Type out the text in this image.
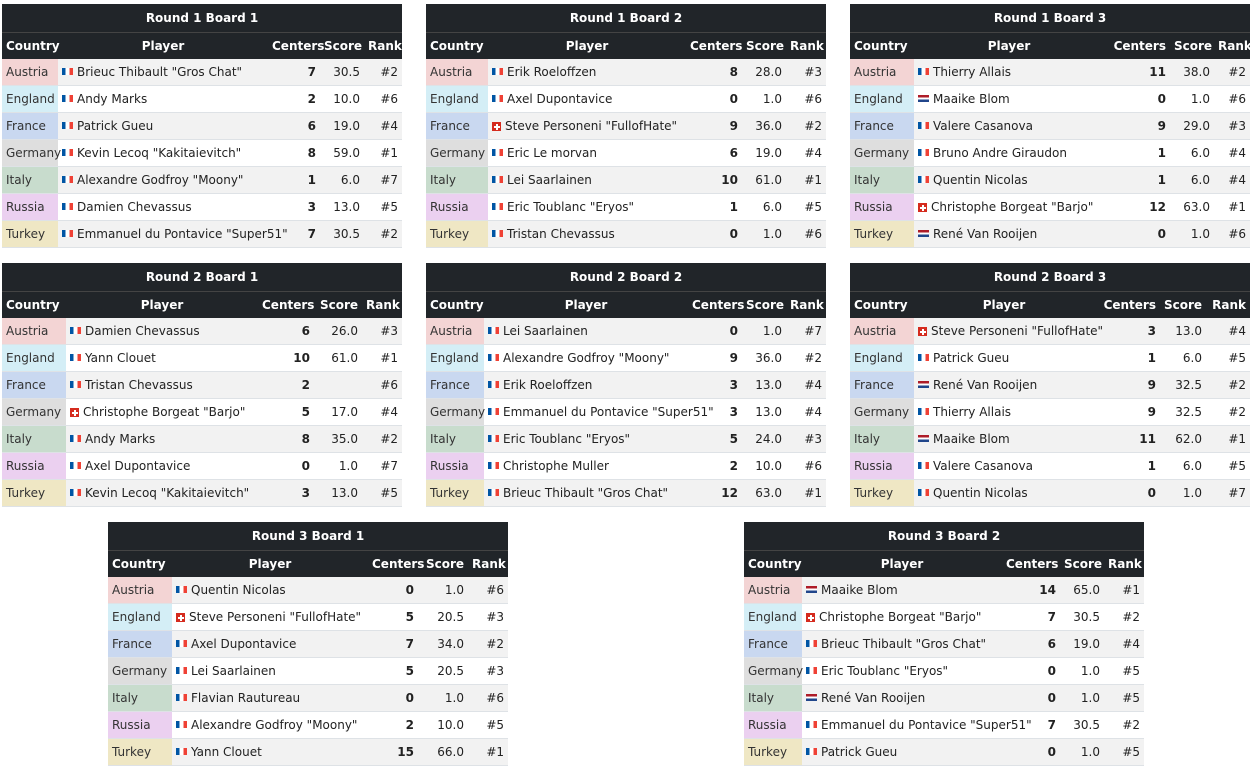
Round 1 Board 1				
Country	Player	Centers	Score	Rank
Austria	Brieuc Thibault "Gros Chat"	7	30.5	#2
England	Andy Marks	2	10.0	#6
France	Patrick Gueu	6	19.0	#4
Germany	Kevin Lecoq "Kakitaievitch"	8	59.0	#1
Italy	Alexandre Godfroy "Moony"	1	6.0	#7
Russia	Damien Chevassus	3	13.0	#5
Turkey	Emmanuel du Pontavice "Super51"	7	30.5	#2
Round 1 Board 2				
Country	Player	Centers	Score	Rank
Austria	Erik Roeloffzen	8	28.0	#3
England	Axel Dupontavice	0	1.0	#6
France	Steve Personeni "FullofHate"	9	36.0	#2
Germany	Eric Le morvan	6	19.0	#4
Italy	Lei Saarlainen	10	61.0	#1
Russia	Eric Toublanc "Eryos"	1	6.0	#5
Turkey	Tristan Chevassus	0	1.0	#6
Round 1 Board 3				
Country	Player	Centers	Score	Rank
Austria	Thierry Allais	11	38.0	#2
England	Maaike Blom	0	1.0	#6
France	Valere Casanova	9	29.0	#3
Germany	Bruno Andre Giraudon	1	6.0	#4
Italy	Quentin Nicolas	1	6.0	#4
Russia	Christophe Borgeat "Barjo"	12	63.0	#1
Turkey	René Van Rooijen	0	1.0	#6
Round 2 Board 1				
Country	Player	Centers	Score	Rank
Austria	Damien Chevassus	6	26.0	#3
England	Yann Clouet	10	61.0	#1
France	Tristan Chevassus	2		#6
Germany	Christophe Borgeat "Barjo"	5	17.0	#4
Italy	Andy Marks	8	35.0	#2
Russia	Axel Dupontavice	0	1.0	#7
Turkey	Kevin Lecoq "Kakitaievitch"	3	13.0	#5
Round 2 Board 2				
Country	Player	Centers	Score	Rank
Austria	Lei Saarlainen	0	1.0	#7
England	Alexandre Godfroy "Moony"	9	36.0	#2
France	Erik Roeloffzen	3	13.0	#4
Germany	Emmanuel du Pontavice "Super51"	3	13.0	#4
Italy	Eric Toublanc "Eryos"	5	24.0	#3
Russia	Christophe Muller	2	10.0	#6
Turkey	Brieuc Thibault "Gros Chat"	12	63.0	#1
Round 2 Board 3				
Country	Player	Centers	Score	Rank
Austria	Steve Personeni "FullofHate"	3	13.0	#4
England	Patrick Gueu	1	6.0	#5
France	René Van Rooijen	9	32.5	#2
Germany	Thierry Allais	9	32.5	#2
Italy	Maaike Blom	11	62.0	#1
Russia	Valere Casanova	1	6.0	#5
Turkey	Quentin Nicolas	0	1.0	#7
Round 3 Board 1				
Country	Player	Centers	Score	Rank
Austria	Quentin Nicolas	0	1.0	#6
England	Steve Personeni "FullofHate"	5	20.5	#3
France	Axel Dupontavice	7	34.0	#2
Germany	Lei Saarlainen	5	20.5	#3
Italy	Flavian Rautureau	0	1.0	#6
Russia	Alexandre Godfroy "Moony"	2	10.0	#5
Turkey	Yann Clouet	15	66.0	#1
Round 3 Board 2				
Country	Player	Centers	Score	Rank
Austria	Maaike Blom	14	65.0	#1
England	Christophe Borgeat "Barjo"	7	30.5	#2
France	Brieuc Thibault "Gros Chat"	6	19.0	#4
Germany	Eric Toublanc "Eryos"	0	1.0	#5
Italy	René Van Rooijen	0	1.0	#5
Russia	Emmanuel du Pontavice "Super51"	7	30.5	#2
Turkey	Patrick Gueu	0	1.0	#5
